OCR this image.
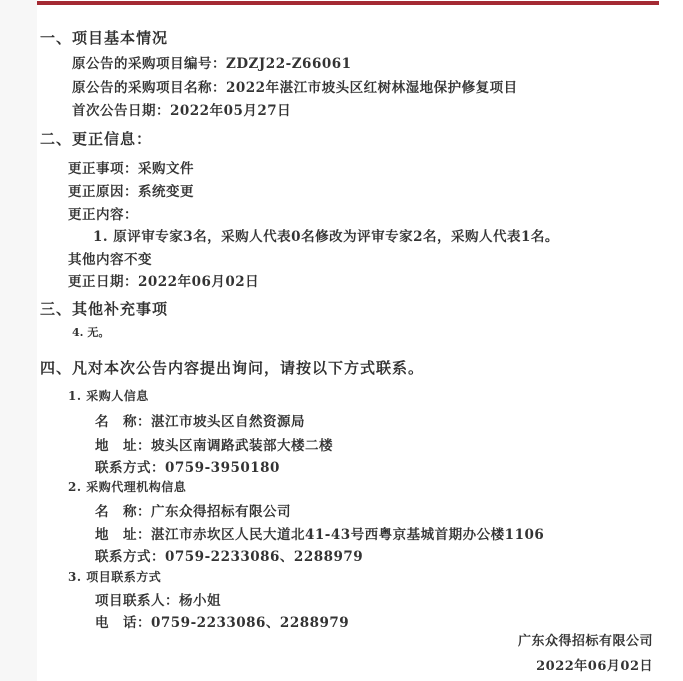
一、项目基本情况
原公告的采购项目编号：ZDZJ22-Z66061
原公告的采购项目名称：2022年湛江市坡头区红树林湿地保护修复项目
首次公告日期：2022年05月27日
二、更正信息：
更正事项：采购文件
更正原因：系统变更
更正内容：
1. 原评审专家3名，采购人代表0名修改为评审专家2名，采购人代表1名。
其他内容不变
更正日期：2022年06月02日
三、其他补充事项
4. 无。
四、凡对本次公告内容提出询问，请按以下方式联系。
1. 采购人信息
名　称：湛江市坡头区自然资源局
地　址：坡头区南调路武装部大楼二楼
联系方式：0759-3950180
2. 采购代理机构信息
名　称：广东众得招标有限公司
地　址：湛江市赤坎区人民大道北41-43号西粤京基城首期办公楼1106
联系方式：0759-2233086、2288979
3. 项目联系方式
项目联系人：杨小姐
电　话：0759-2233086、2288979
广东众得招标有限公司
2022年06月02日
